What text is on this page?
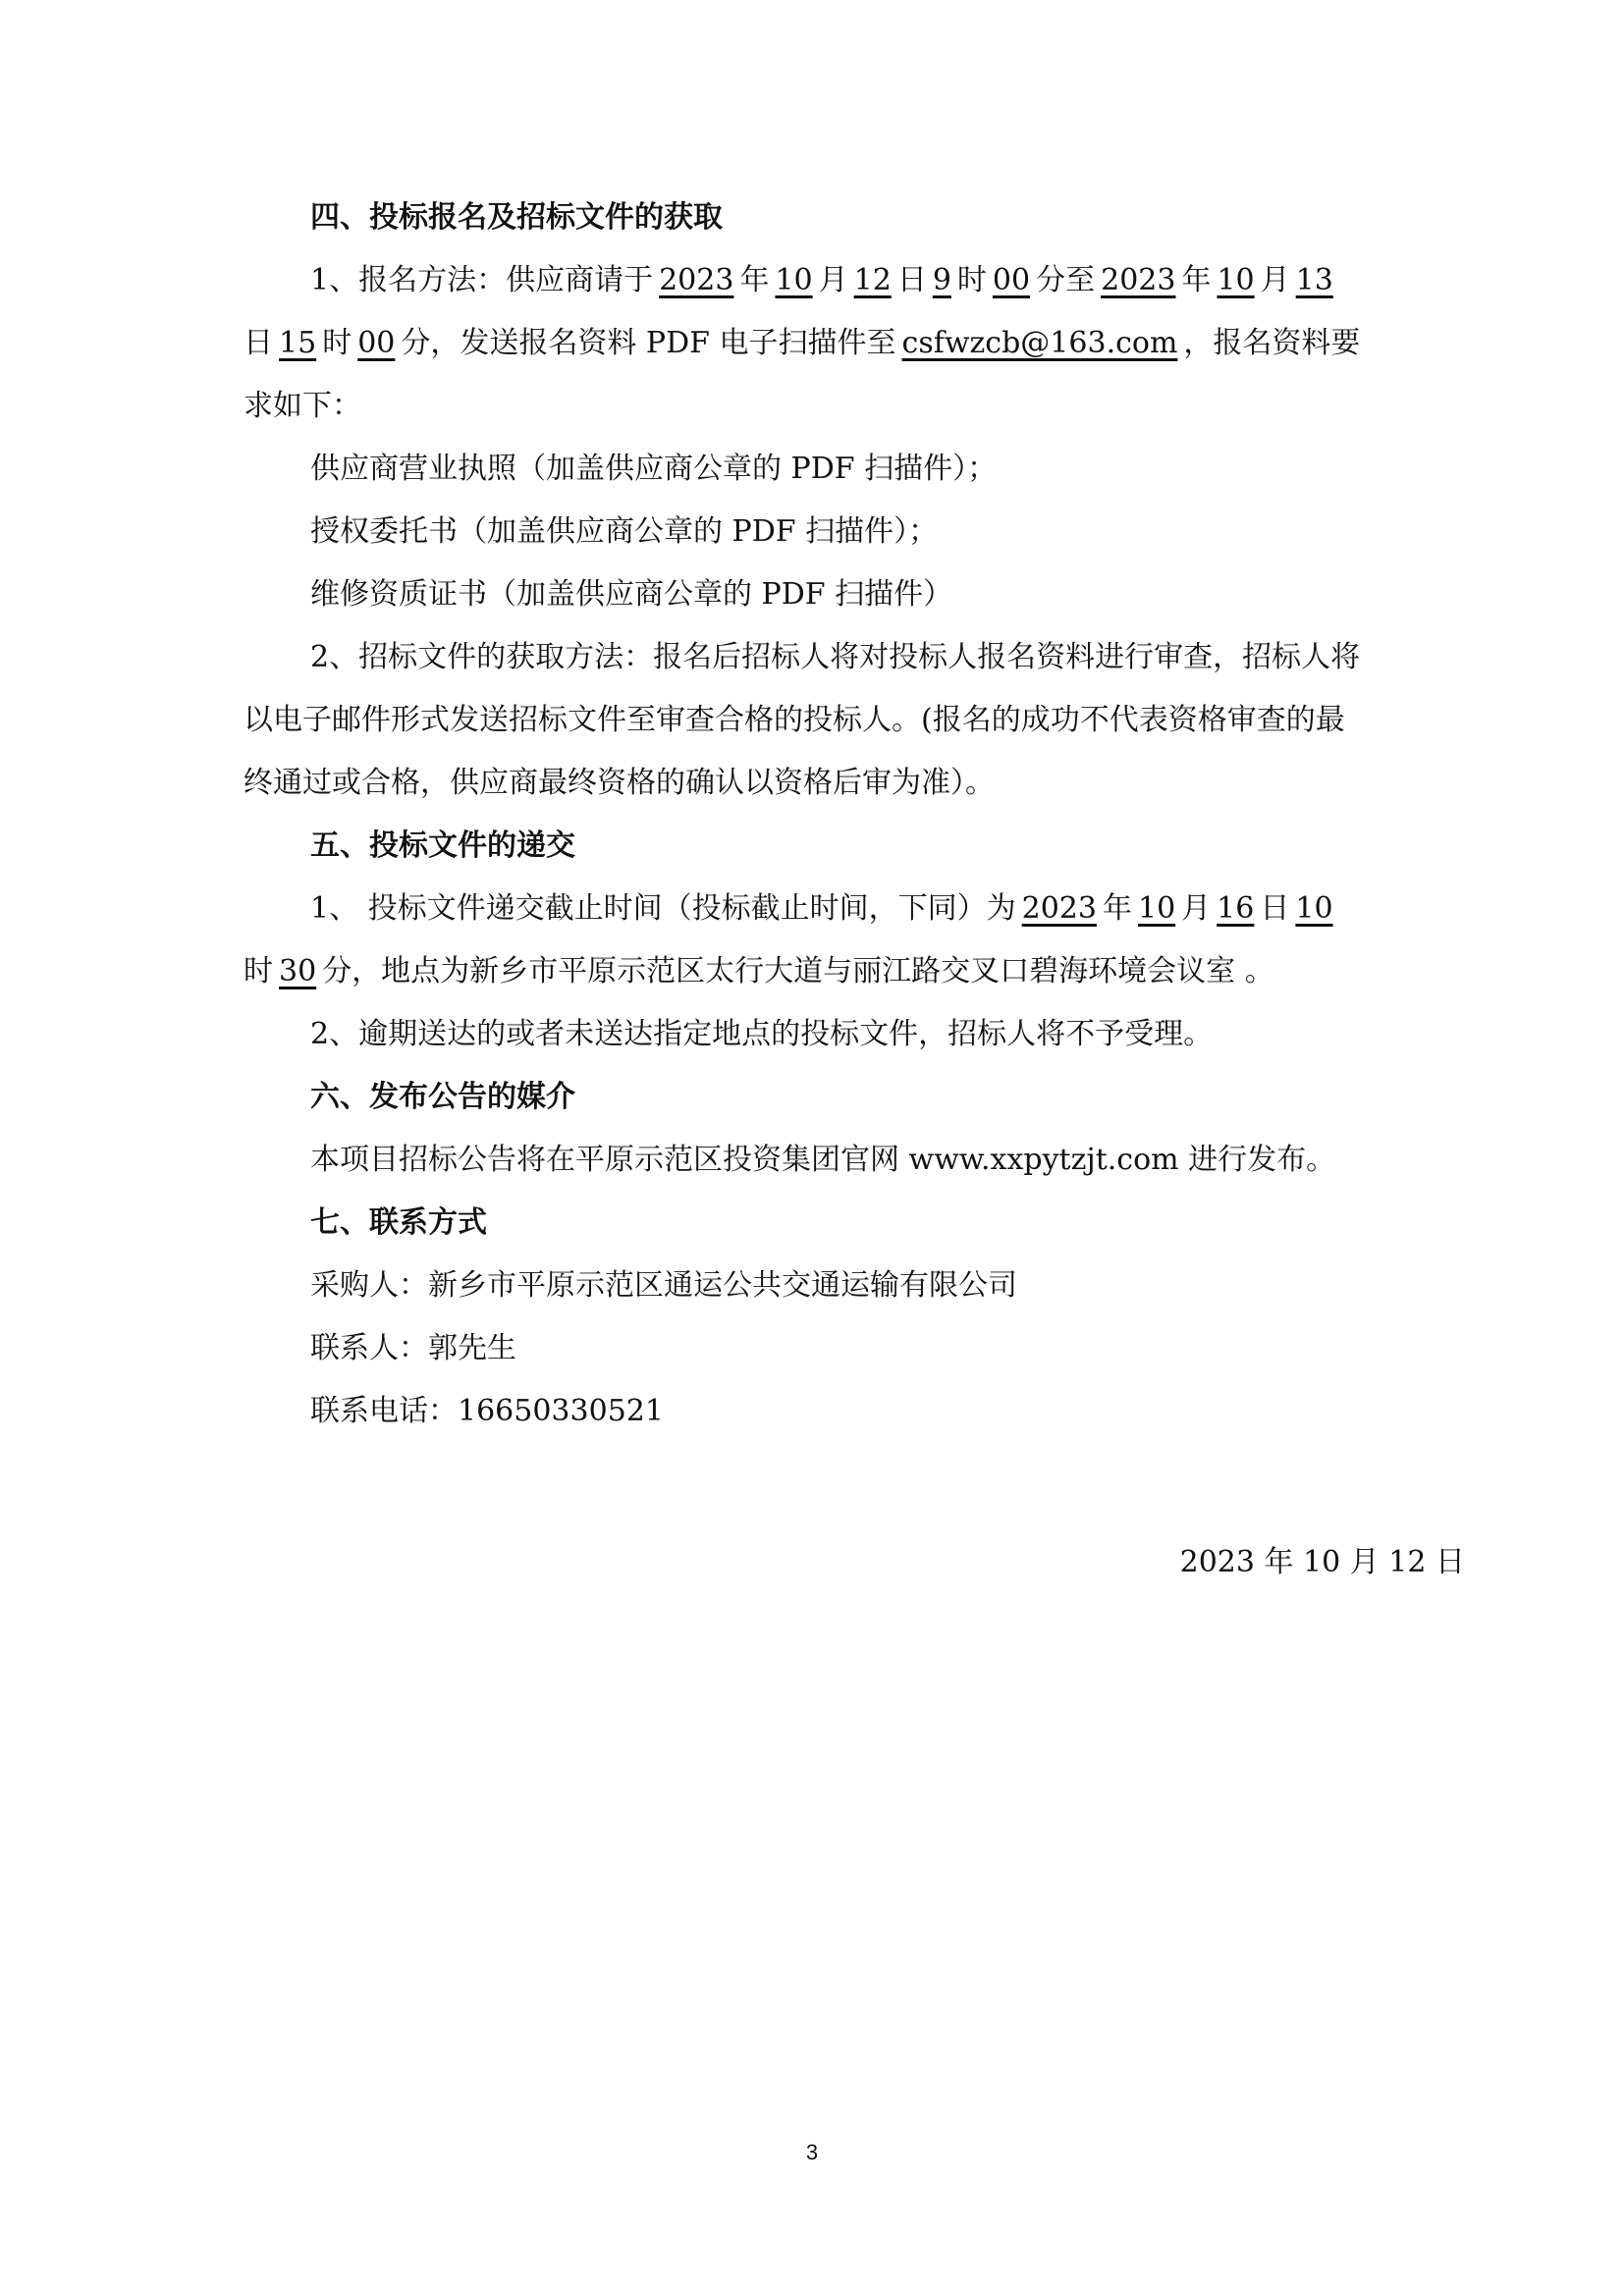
四、投标报名及招标文件的获取
1、报名方法：供应商请于 2023 年 10 月 12 日 9 时 00 分至 2023 年 10 月 13
日 15 时 00 分，发送报名资料 PDF 电子扫描件至 csfwzcb@163.com ，报名资料要
求如下：
供应商营业执照（加盖供应商公章的 PDF 扫描件）；
授权委托书（加盖供应商公章的 PDF 扫描件）；
维修资质证书（加盖供应商公章的 PDF 扫描件）
2、招标文件的获取方法：报名后招标人将对投标人报名资料进行审查，招标人将
以电子邮件形式发送招标文件至审查合格的投标人。(报名的成功不代表资格审查的最
终通过或合格，供应商最终资格的确认以资格后审为准）。
五、投标文件的递交
1、 投标文件递交截止时间（投标截止时间，下同）为 2023 年 10 月 16 日 10
时 30 分，地点为新乡市平原示范区太行大道与丽江路交叉口碧海环境会议室 。
2、逾期送达的或者未送达指定地点的投标文件，招标人将不予受理。
六、发布公告的媒介
本项目招标公告将在平原示范区投资集团官网 www.xxpytzjt.com 进行发布。
七、联系方式
采购人：新乡市平原示范区通运公共交通运输有限公司
联系人：郭先生
联系电话：16650330521
2023 年 10 月 12 日
3
